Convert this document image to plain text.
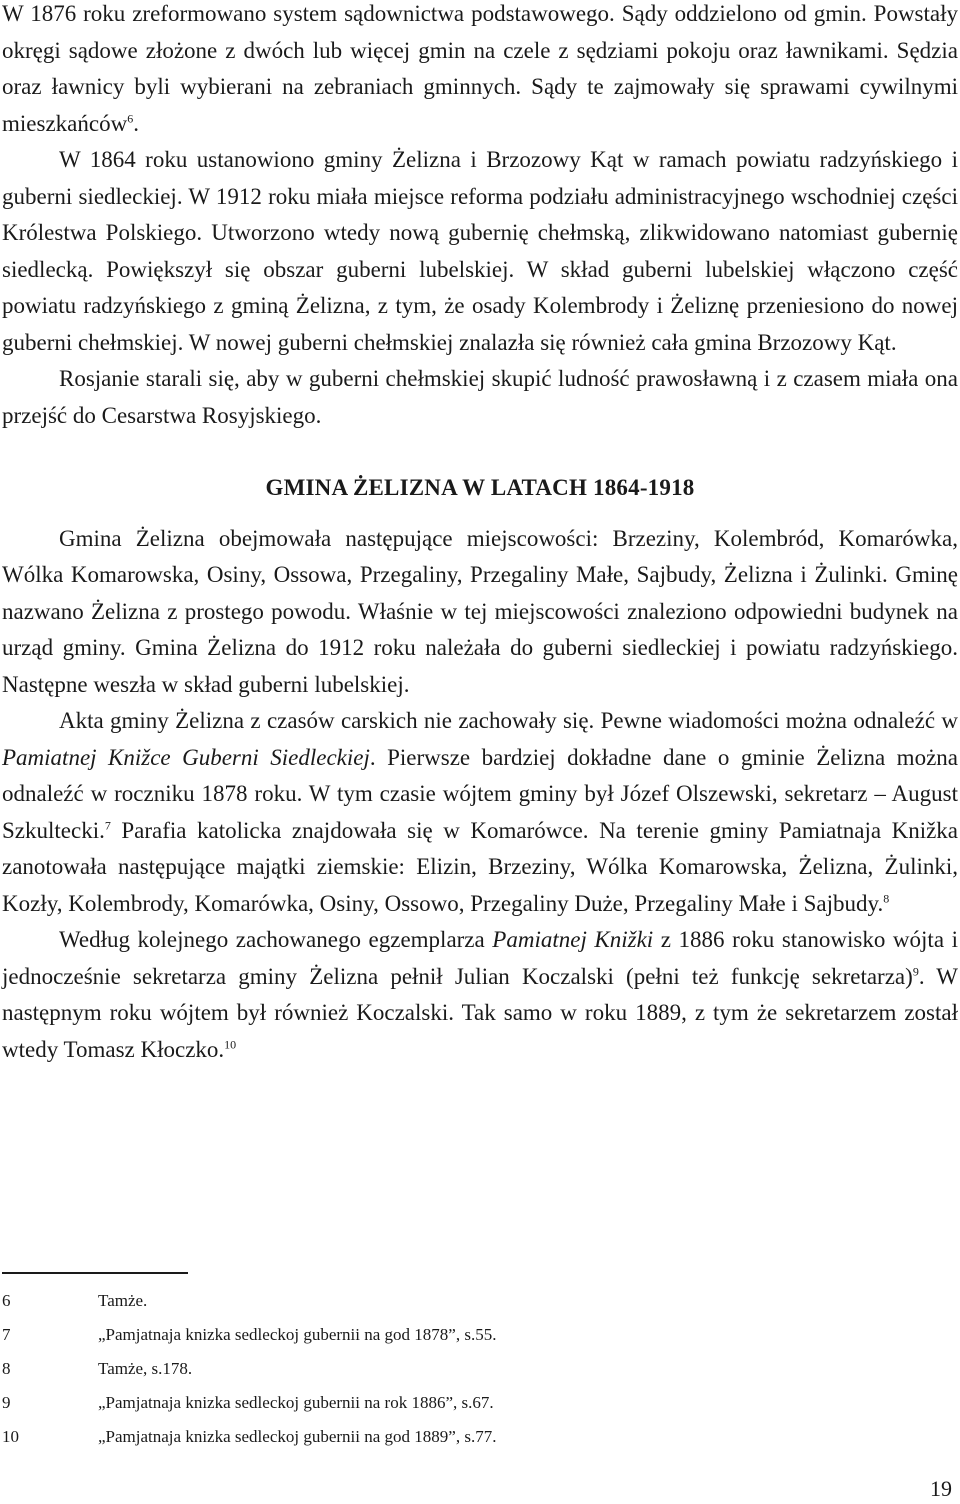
W 1876 roku zreformowano system sądownictwa podstawowego. Sądy oddzielono od gmin. Powstały okręgi sądowe złożone z dwóch lub więcej gmin na czele z sędziami pokoju oraz ławnikami. Sędzia oraz ławnicy byli wybierani na zebraniach gminnych. Sądy te zajmowały się sprawami cywilnymi mieszkańców$^6$.

W 1864 roku ustanowiono gminy Żelizna i Brzozowy Kąt w ramach powiatu radzyńskiego i guberni siedleckiej. W 1912 roku miała miejsce reforma podziału administracyjnego wschodniej części Królestwa Polskiego. Utworzono wtedy nową gubernię chełmską, zlikwidowano natomiast gubernię siedlecką. Powiększył się obszar guberni lubelskiej. W skład guberni lubelskiej włączono część powiatu radzyńskiego z gminą Żelizna, z tym, że osady Kolembrody i Żeliznę przeniesiono do nowej guberni chełmskiej. W nowej guberni chełmskiej znalazła się również cała gmina Brzozowy Kąt.

Rosjanie starali się, aby w guberni chełmskiej skupić ludność prawosławną i z czasem miała ona przejść do Cesarstwa Rosyjskiego.

GMINA ŻELIZNA W LATACH 1864-1918

Gmina Żelizna obejmowała następujące miejscowości: Brzeziny, Kolembród, Komarówka, Wólka Komarowska, Osiny, Ossowa, Przegaliny, Przegaliny Małe, Sajbudy, Żelizna i Żulinki. Gminę nazwano Żelizna z prostego powodu. Właśnie w tej miejscowości znaleziono odpowiedni budynek na urząd gminy. Gmina Żelizna do 1912 roku należała do guberni siedleckiej i powiatu radzyńskiego. Następne weszła w skład guberni lubelskiej.

Akta gminy Żelizna z czasów carskich nie zachowały się. Pewne wiadomości można odnaleźć w Pamiatnej Knižce Guberni Siedleckiej. Pierwsze bardziej dokładne dane o gminie Żelizna można odnaleźć w roczniku 1878 roku. W tym czasie wójtem gminy był Józef Olszewski, sekretarz – August Szkultecki.$^7$ Parafia katolicka znajdowała się w Komarówce. Na terenie gminy Pamiatnaja Knižka zanotowała następujące majątki ziemskie: Elizin, Brzeziny, Wólka Komarowska, Żelizna, Żulinki, Kozły, Kolembrody, Komarówka, Osiny, Ossowo, Przegaliny Duże, Przegaliny Małe i Sajbudy.$^8$

Według kolejnego zachowanego egzemplarza Pamiatnej Knižki z 1886 roku stanowisko wójta i jednocześnie sekretarza gminy Żelizna pełnił Julian Koczalski (pełni też funkcję sekretarza)$^9$. W następnym roku wójtem był również Koczalski. Tak samo w roku 1889, z tym że sekretarzem został wtedy Tomasz Kłoczko.$^{10}$

6	Tamże.
7	„Pamjatnaja knizka sedleckoj gubernii na god 1878”, s.55.
8	Tamże, s.178.
9	„Pamjatnaja knizka sedleckoj gubernii na rok 1886”, s.67.
10	„Pamjatnaja knizka sedleckoj gubernii na god 1889”, s.77.
19
